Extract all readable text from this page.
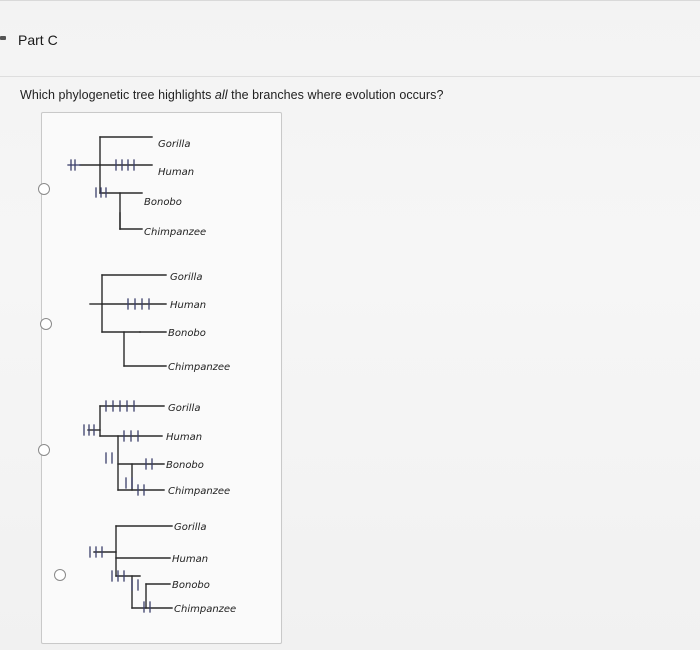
Part C
Which phylogenetic tree highlights all the branches where evolution occurs?
Gorilla
Human
Bonobo
Chimpanzee
Gorilla
Human
Bonobo
Chimpanzee
Gorilla
Human
Bonobo
Chimpanzee
Gorilla
Human
Bonobo
Chimpanzee
